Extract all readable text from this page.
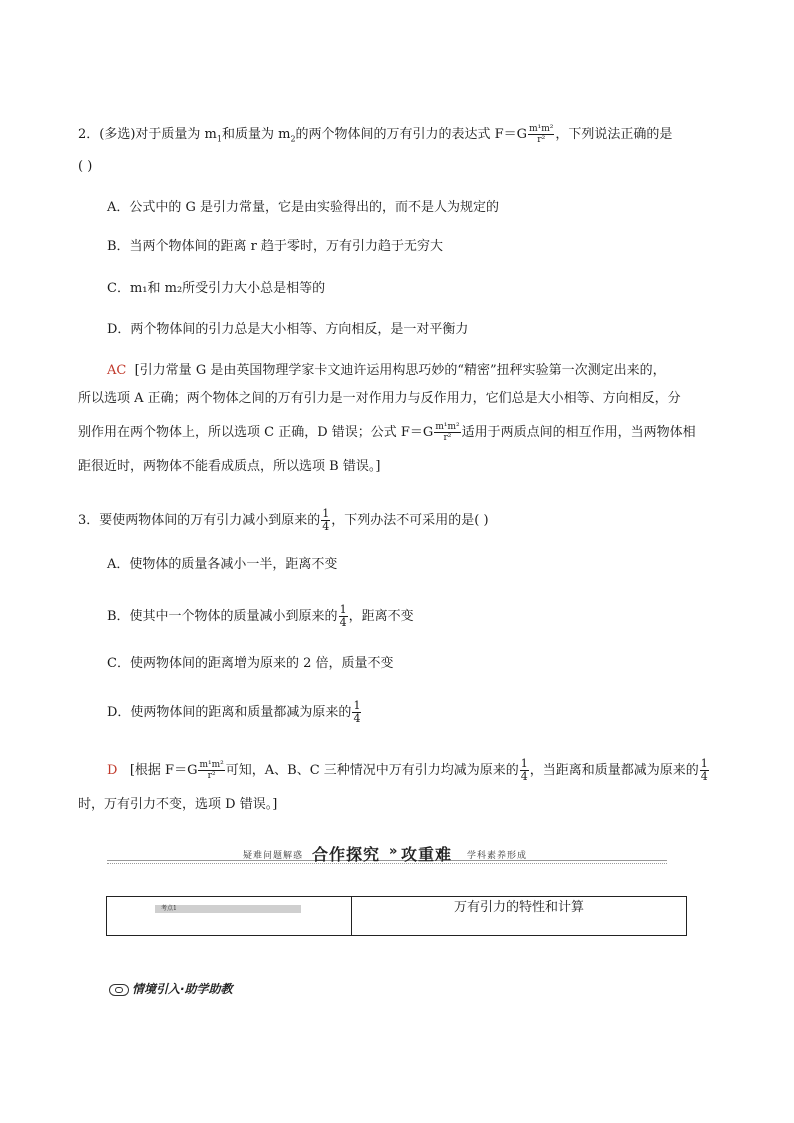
2．(多选)对于质量为 $m_1$和质量为 $m_2$的两个物体间的万有引力的表达式 $F=G \frac{\text{m¹m²}}{\text{r²}}$ ，下列说法正确的是
( )
A．公式中的 G 是引力常量，它是由实验得出的，而不是人为规定的
B．当两个物体间的距离 r 趋于零时，万有引力趋于无穷大
C．m₁和 m₂所受引力大小总是相等的
D．两个物体间的引力总是大小相等、方向相反，是一对平衡力
AC [引力常量 G 是由英国物理学家卡文迪许运用构思巧妙的“精密”扭秤实验第一次测定出来的，
所以选项 A 正确；两个物体之间的万有引力是一对作用力与反作用力，它们总是大小相等、方向相反，分
别作用在两个物体上，所以选项 C 正确，D 错误；公式 $F=G \frac{\text{m¹m²}}{\text{r²}}$ 适用于两质点间的相互作用，当两物体相
距很近时，两物体不能看成质点，所以选项 B 错误。]
3．要使两物体间的万有引力减小到原来的 $\frac{1}{4}$ ，下列办法不可采用的是( )
A．使物体的质量各减小一半，距离不变
B．使其中一个物体的质量减小到原来的 $\frac{1}{4}$ ，距离不变
C．使两物体间的距离增为原来的 2 倍，质量不变
D．使两物体间的距离和质量都减为原来的 $\frac{1}{4}$
D [根据 $F=G \frac{\text{m¹m²}}{\text{r²}}$ 可知，A、B、C 三种情况中万有引力均减为原来的 $\frac{1}{4}$ ，当距离和质量都减为原来的 $\frac{1}{4}$
时，万有引力不变，选项 D 错误。]
疑难问题解惑 合作探究 » 攻重难 学科素养形成
考点1	万有引力的特性和计算
情境引入·助学助教
